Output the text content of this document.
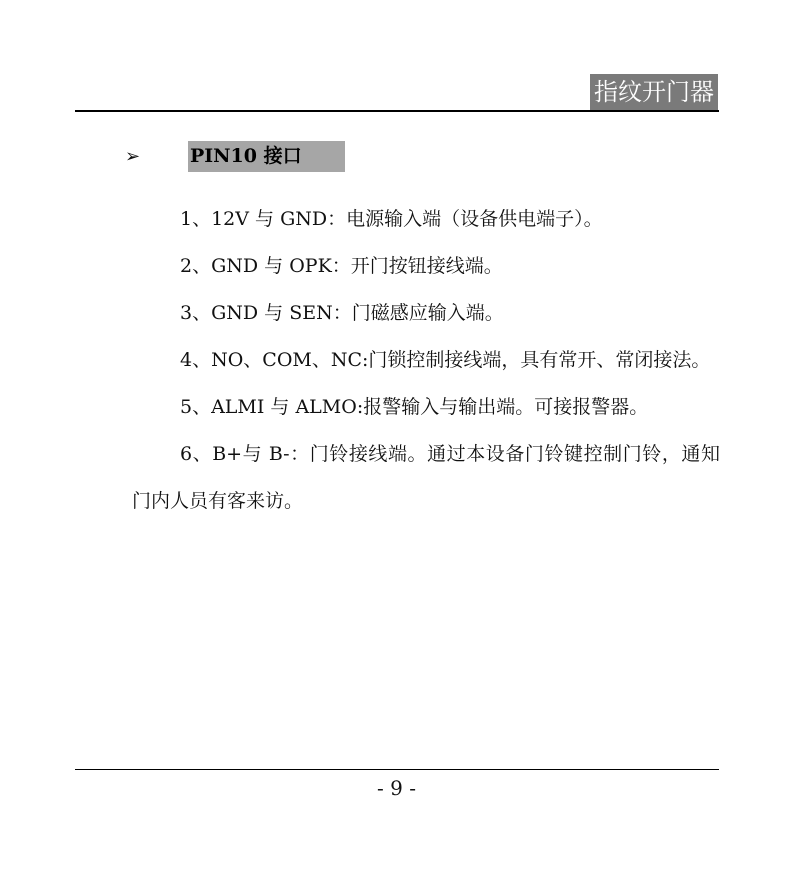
指纹开门器
➢	PIN10 接口

1、12V 与 GND：电源输入端（设备供电端子）。

2、GND 与 OPK：开门按钮接线端。

3、GND 与 SEN：门磁感应输入端。

4、NO、COM、NC:门锁控制接线端，具有常开、常闭接法。

5、ALMI 与 ALMO:报警输入与输出端。可接报警器。

6、B+与 B-：门铃接线端。通过本设备门铃键控制门铃，通知门内人员有客来访。

- 9 -
